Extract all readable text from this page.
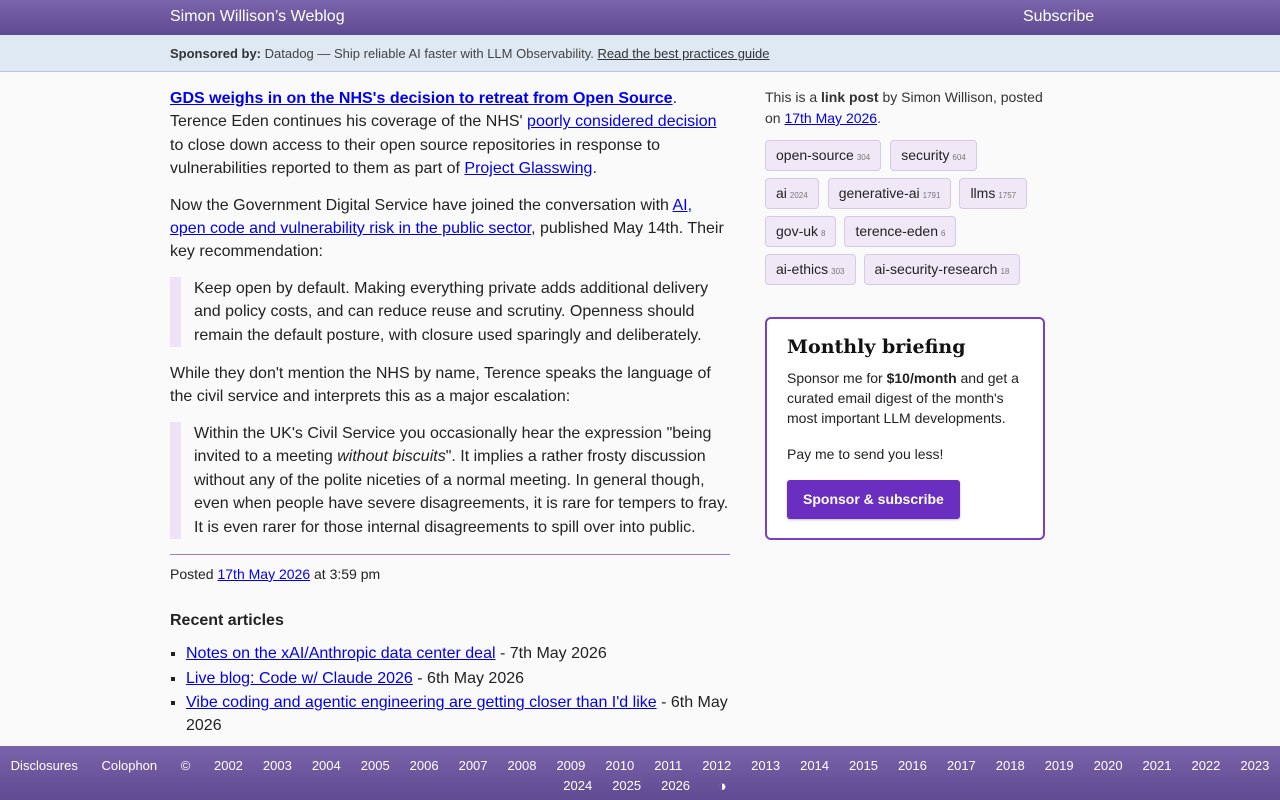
Simon Willison’s Weblog	Subscribe
Sponsored by: Datadog — Ship reliable AI faster with LLM Observability. Read the best practices guide

GDS weighs in on the NHS's decision to retreat from Open Source. Terence Eden continues his coverage of the NHS' poorly considered decision to close down access to their open source repositories in response to vulnerabilities reported to them as part of Project Glasswing.

Now the Government Digital Service have joined the conversation with AI, open code and vulnerability risk in the public sector, published May 14th. Their key recommendation:

Keep open by default. Making everything private adds additional delivery and policy costs, and can reduce reuse and scrutiny. Openness should remain the default posture, with closure used sparingly and deliberately.

While they don't mention the NHS by name, Terence speaks the language of the civil service and interprets this as a major escalation:

Within the UK's Civil Service you occasionally hear the expression "being invited to a meeting without biscuits". It implies a rather frosty discussion without any of the polite niceties of a normal meeting. In general though, even when people have severe disagreements, it is rare for tempers to fray. It is even rarer for those internal disagreements to spill over into public.

Posted 17th May 2026 at 3:59 pm

Recent articles
▪ Notes on the xAI/Anthropic data center deal - 7th May 2026
▪ Live blog: Code w/ Claude 2026 - 6th May 2026
▪ Vibe coding and agentic engineering are getting closer than I'd like - 6th May 2026

This is a link post by Simon Willison, posted on 17th May 2026.

open-source 304 security 604
ai 2024 generative-ai 1791 llms 1757
gov-uk 8 terence-eden 6
ai-ethics 303 ai-security-research 18
Monthly briefing

Sponsor me for $10/month and get a curated email digest of the month's most important LLM developments.

Pay me to send you less!

Sponsor & subscribe
Disclosures Colophon © 2002 2003 2004 2005 2006 2007 2008 2009 2010 2011 2012 2013 2014 2015 2016 2017 2018 2019 2020 2021 2022 2023
2024 2025 2026 ◑
